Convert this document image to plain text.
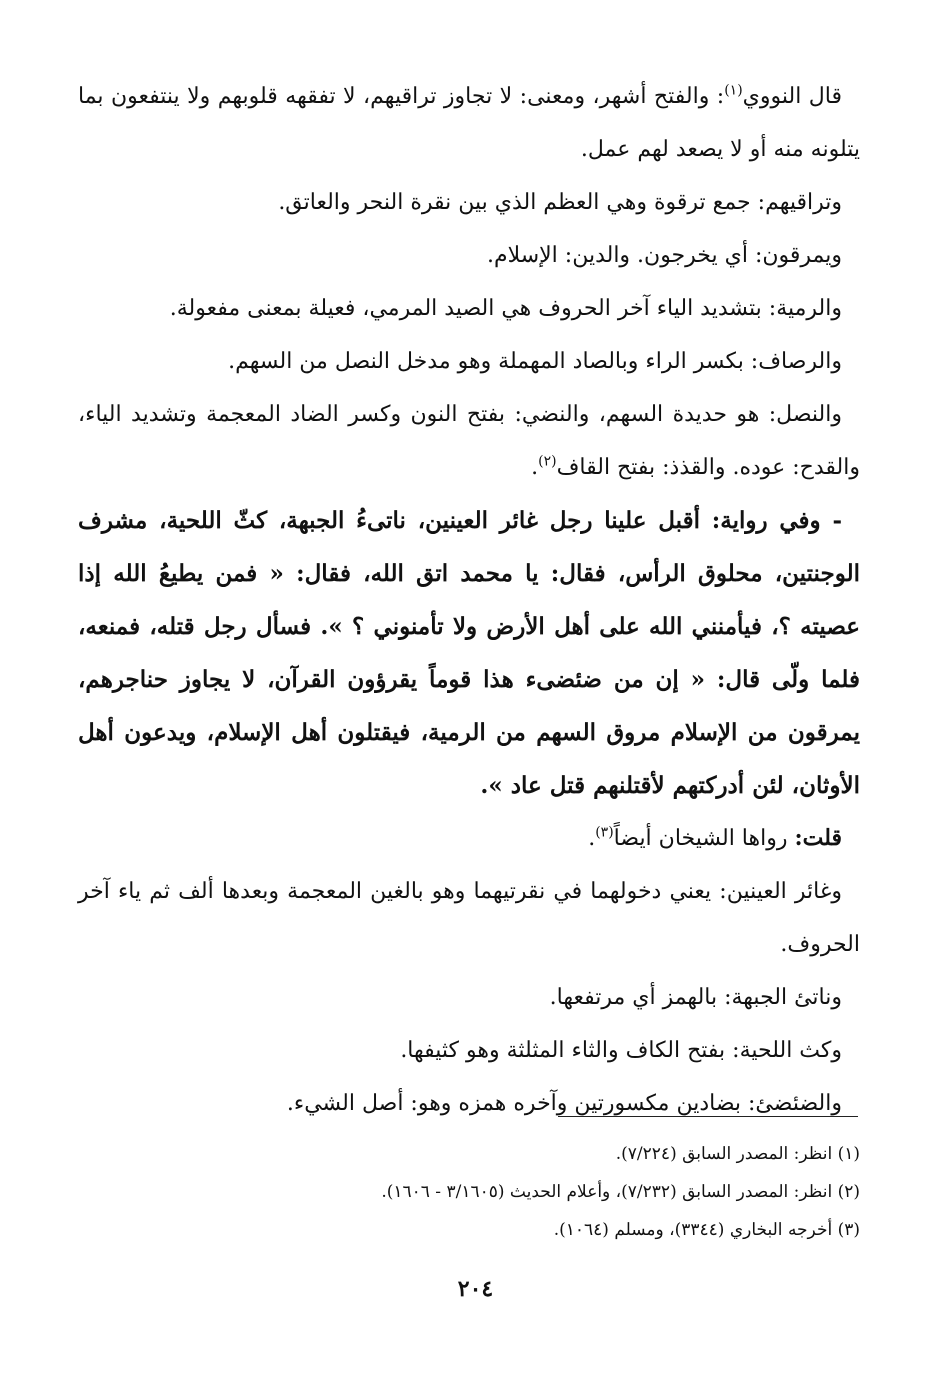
قال النووي$^{(١)}$: والفتح أشهر، ومعنى: لا تجاوز تراقيهم، لا تفقهه قلوبهم ولا ينتفعون بما يتلونه منه أو لا يصعد لهم عمل.

وتراقيهم: جمع ترقوة وهي العظم الذي بين نقرة النحر والعاتق.

ويمرقون: أي يخرجون. والدين: الإسلام.

والرمية: بتشديد الياء آخر الحروف هي الصيد المرمي، فعيلة بمعنى مفعولة.

والرصاف: بكسر الراء وبالصاد المهملة وهو مدخل النصل من السهم.

والنصل: هو حديدة السهم، والنضي: بفتح النون وكسر الضاد المعجمة وتشديد الياء، والقدح: عوده. والقذذ: بفتح القاف$^{(٢)}$.

- وفي رواية: أقبل علينا رجل غائر العينين، ناتىءُ الجبهة، كثّ اللحية، مشرف الوجنتين، محلوق الرأس، فقال: يا محمد اتق الله، فقال: « فمن يطيعُ الله إذا عصيته ؟، فيأمنني الله على أهل الأرض ولا تأمنوني ؟ ». فسأل رجل قتله، فمنعه، فلما ولّى قال: « إن من ضئضىء هذا قوماً يقرؤون القرآن، لا يجاوز حناجرهم، يمرقون من الإسلام مروق السهم من الرمية، فيقتلون أهل الإسلام، ويدعون أهل الأوثان، لئن أدركتهم لأقتلنهم قتل عاد ».

قلت: رواها الشيخان أيضاً$^{(٣)}$.

وغائر العينين: يعني دخولهما في نقرتيهما وهو بالغين المعجمة وبعدها ألف ثم ياء آخر الحروف.

وناتئ الجبهة: بالهمز أي مرتفعها.

وكث اللحية: بفتح الكاف والثاء المثلثة وهو كثيفها.

والضئضئ: بضادين مكسورتين وآخره همزه وهو: أصل الشيء.

(١) انظر: المصدر السابق (٧/٢٢٤).

(٢) انظر: المصدر السابق (٧/٢٣٢)، وأعلام الحديث (٣/١٦٠٥ - ١٦٠٦).

(٣) أخرجه البخاري (٣٣٤٤)، ومسلم (١٠٦٤).

٢٠٤
